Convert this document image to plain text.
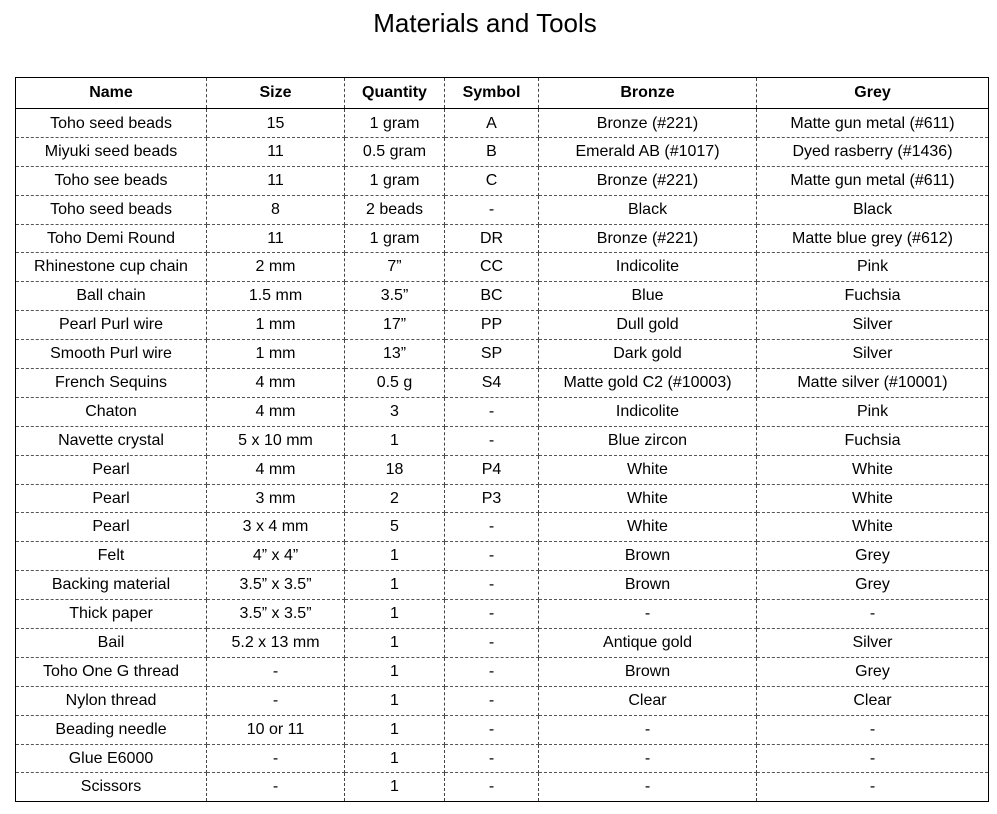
Materials and Tools
Name	Size	Quantity	Symbol	Bronze	Grey
Toho seed beads	15	1 gram	A	Bronze (#221)	Matte gun metal (#611)
Miyuki seed beads	11	0.5 gram	B	Emerald AB (#1017)	Dyed rasberry (#1436)
Toho see beads	11	1 gram	C	Bronze (#221)	Matte gun metal (#611)
Toho seed beads	8	2 beads	-	Black	Black
Toho Demi Round	11	1 gram	DR	Bronze (#221)	Matte blue grey (#612)
Rhinestone cup chain	2 mm	7”	CC	Indicolite	Pink
Ball chain	1.5 mm	3.5”	BC	Blue	Fuchsia
Pearl Purl wire	1 mm	17”	PP	Dull gold	Silver
Smooth Purl wire	1 mm	13”	SP	Dark gold	Silver
French Sequins	4 mm	0.5 g	S4	Matte gold C2 (#10003)	Matte silver (#10001)
Chaton	4 mm	3	-	Indicolite	Pink
Navette crystal	5 x 10 mm	1	-	Blue zircon	Fuchsia
Pearl	4 mm	18	P4	White	White
Pearl	3 mm	2	P3	White	White
Pearl	3 x 4 mm	5	-	White	White
Felt	4” x 4”	1	-	Brown	Grey
Backing material	3.5” x 3.5”	1	-	Brown	Grey
Thick paper	3.5” x 3.5”	1	-	-	-
Bail	5.2 x 13 mm	1	-	Antique gold	Silver
Toho One G thread	-	1	-	Brown	Grey
Nylon thread	-	1	-	Clear	Clear
Beading needle	10 or 11	1	-	-	-
Glue E6000	-	1	-	-	-
Scissors	-	1	-	-	-
